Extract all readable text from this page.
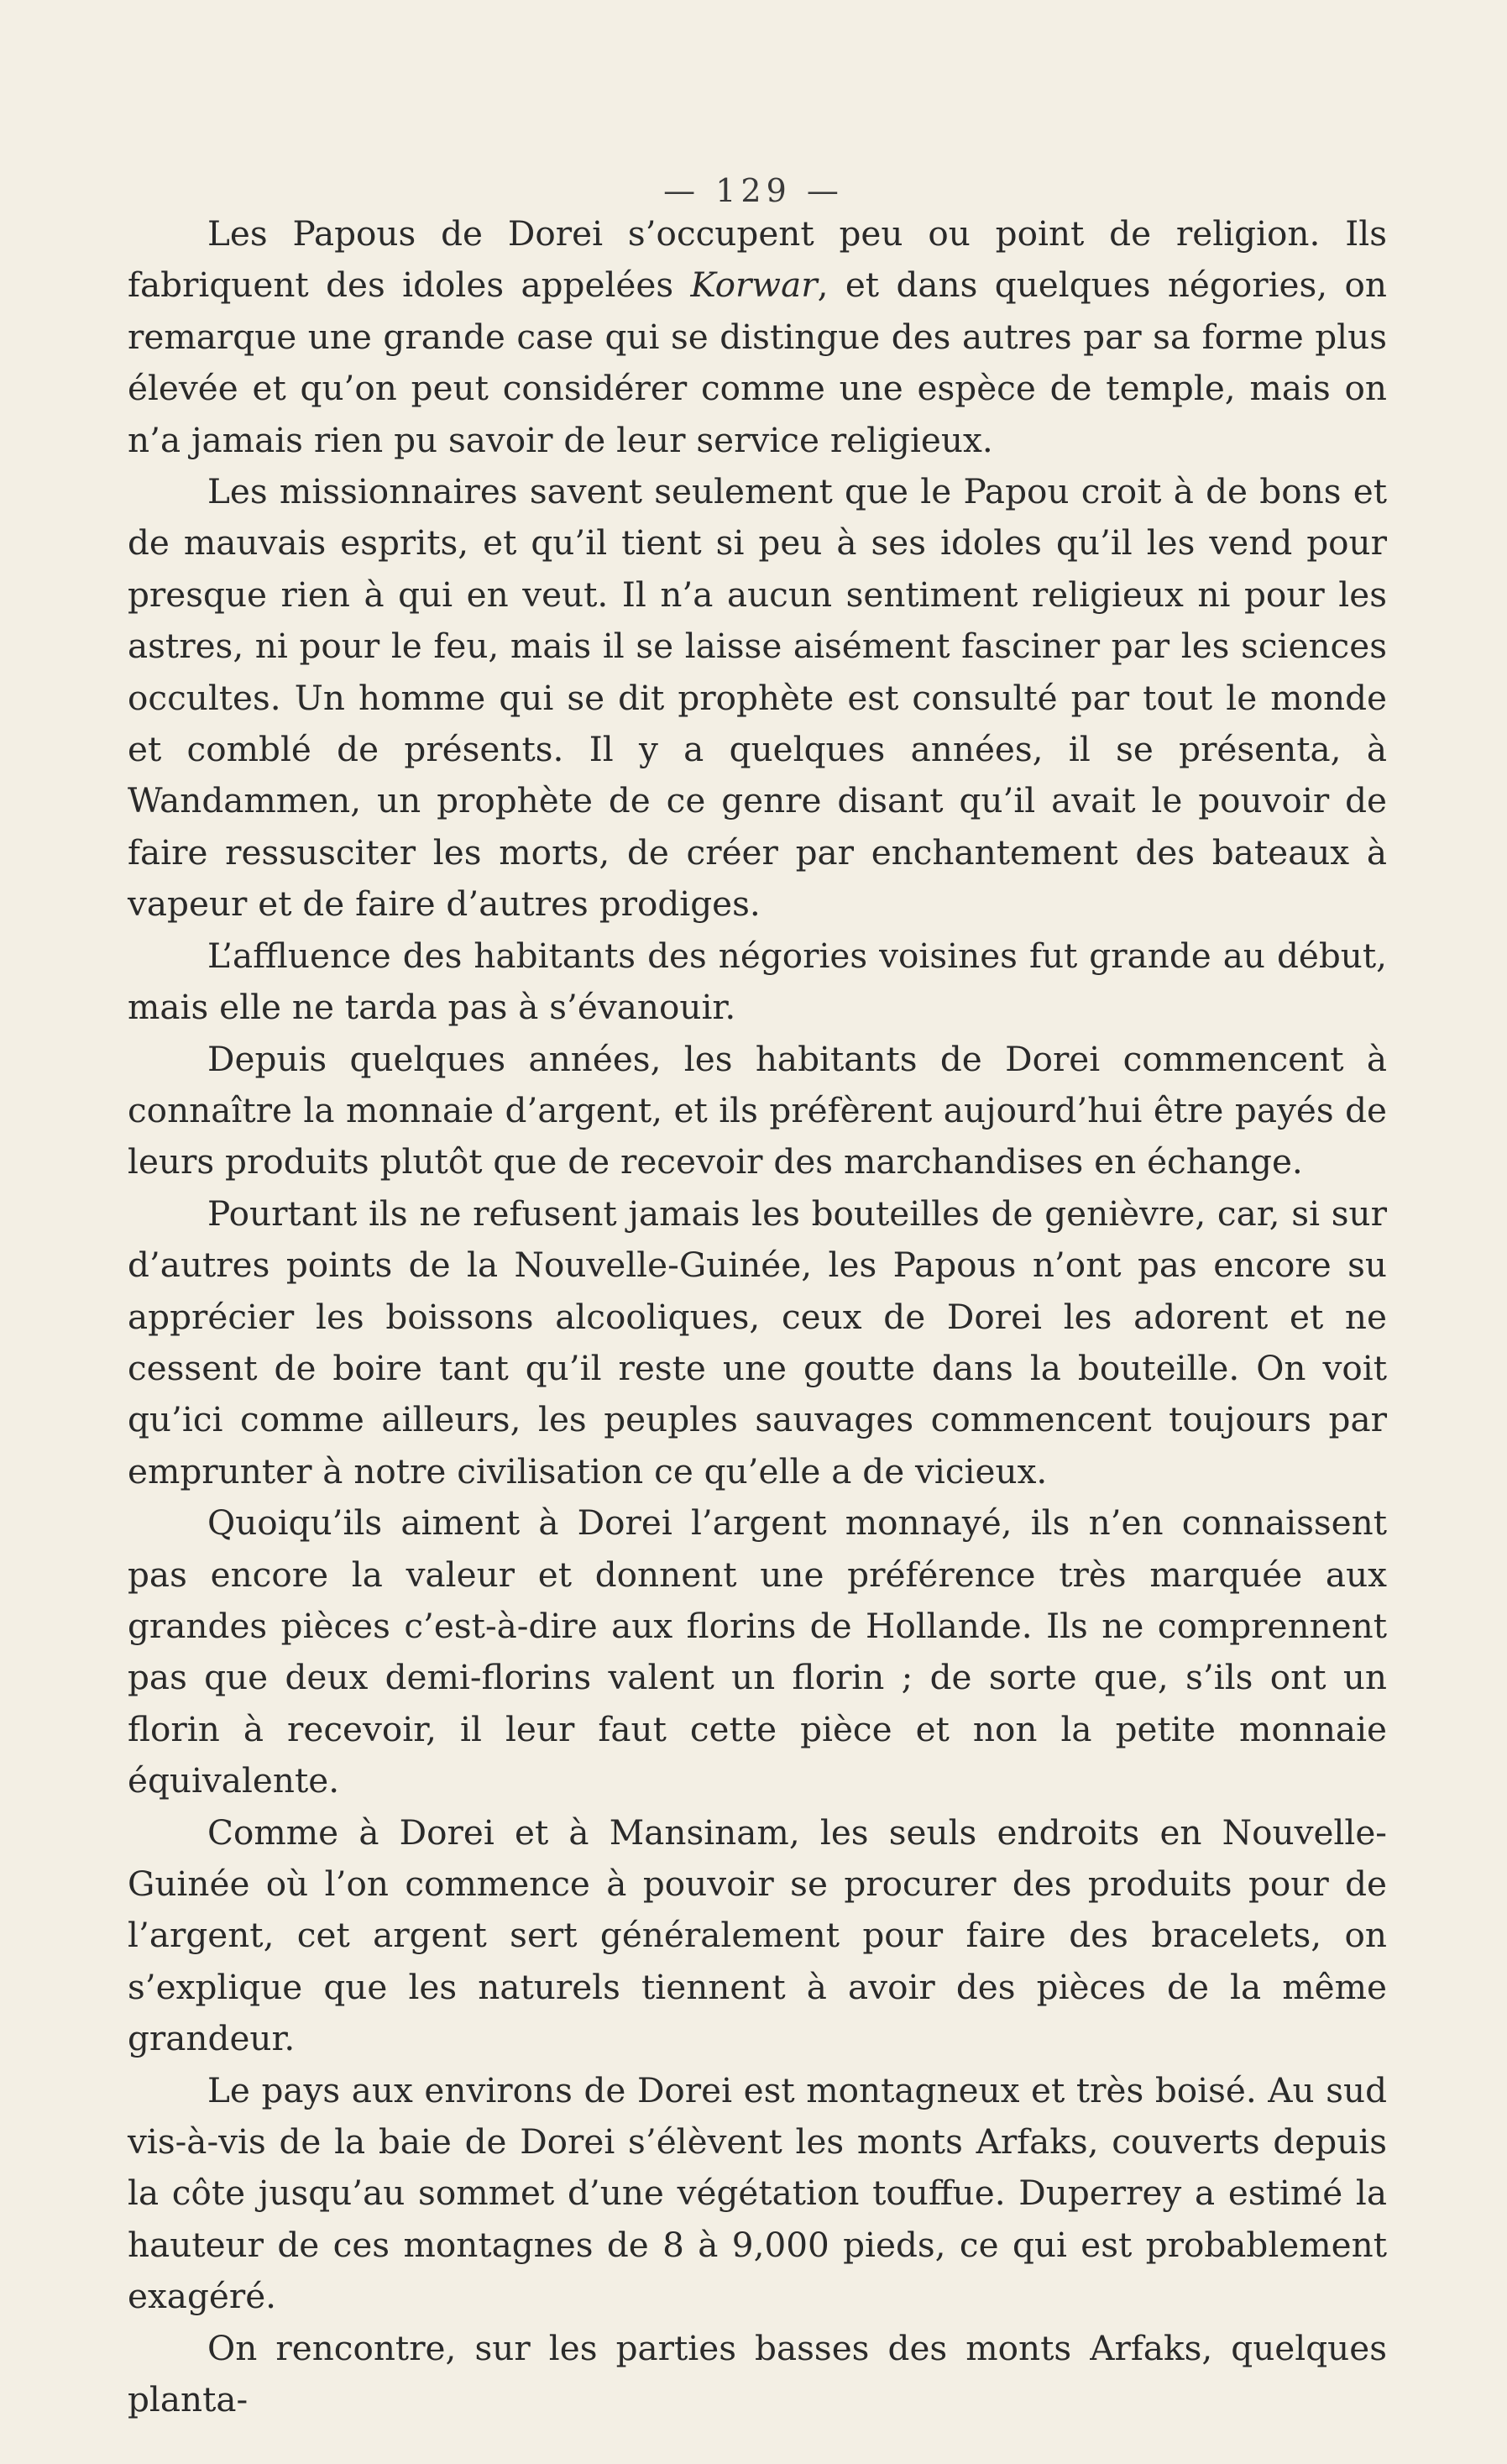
— 129 —

Les Papous de Dorei s’occupent peu ou point de religion. Ils fabriquent des idoles appelées Korwar, et dans quelques négories, on remarque une grande case qui se distingue des autres par sa forme plus élevée et qu’on peut considérer comme une espèce de temple, mais on n’a jamais rien pu savoir de leur service religieux.

Les missionnaires savent seulement que le Papou croit à de bons et de mauvais esprits, et qu’il tient si peu à ses idoles qu’il les vend pour presque rien à qui en veut. Il n’a aucun sentiment religieux ni pour les astres, ni pour le feu, mais il se laisse aisément fasciner par les sciences occultes. Un homme qui se dit prophète est consulté par tout le monde et comblé de présents. Il y a quelques années, il se présenta, à Wandammen, un prophète de ce genre disant qu’il avait le pouvoir de faire ressusciter les morts, de créer par enchantement des bateaux à vapeur et de faire d’autres prodiges.

L’affluence des habitants des négories voisines fut grande au début, mais elle ne tarda pas à s’évanouir.

Depuis quelques années, les habitants de Dorei commencent à connaître la monnaie d’argent, et ils préfèrent aujourd’hui être payés de leurs produits plutôt que de recevoir des marchandises en échange.

Pourtant ils ne refusent jamais les bouteilles de genièvre, car, si sur d’autres points de la Nouvelle-Guinée, les Papous n’ont pas encore su apprécier les boissons alcooliques, ceux de Dorei les adorent et ne cessent de boire tant qu’il reste une goutte dans la bouteille. On voit qu’ici comme ailleurs, les peuples sauvages commencent toujours par emprunter à notre civilisation ce qu’elle a de vicieux.

Quoiqu’ils aiment à Dorei l’argent monnayé, ils n’en connaissent pas encore la valeur et donnent une préférence très marquée aux grandes pièces c’est-à-dire aux florins de Hollande. Ils ne comprennent pas que deux demi-florins valent un florin ; de sorte que, s’ils ont un florin à recevoir, il leur faut cette pièce et non la petite monnaie équivalente.

Comme à Dorei et à Mansinam, les seuls endroits en Nouvelle-Guinée où l’on commence à pouvoir se procurer des produits pour de l’argent, cet argent sert généralement pour faire des bracelets, on s’explique que les naturels tiennent à avoir des pièces de la même grandeur.

Le pays aux environs de Dorei est montagneux et très boisé. Au sud vis-à-vis de la baie de Dorei s’élèvent les monts Arfaks, couverts depuis la côte jusqu’au sommet d’une végétation touffue. Duperrey a estimé la hauteur de ces montagnes de 8 à 9,000 pieds, ce qui est probablement exagéré.

On rencontre, sur les parties basses des monts Arfaks, quelques planta-
